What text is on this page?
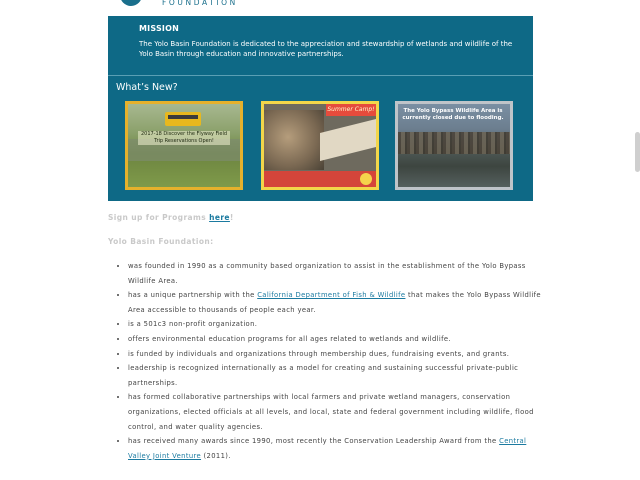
FOUNDATION
MISSION
The Yolo Basin Foundation is dedicated to the appreciation and stewardship of wetlands and wildlife of the Yolo Basin through education and innovative partnerships.
What’s New?
2017-18 Discover the Flyway Field Trip Reservations Open!
Summer Camp!	The Yolo Bypass Wildlife Area is currently closed due to flooding.
Sign up for Programs here!
Yolo Basin Foundation:
• was founded in 1990 as a community based organization to assist in the establishment of the Yolo Bypass Wildlife Area.
• has a unique partnership with the California Department of Fish & Wildlife that makes the Yolo Bypass Wildlife Area accessible to thousands of people each year.
• is a 501c3 non-profit organization.
• offers environmental education programs for all ages related to wetlands and wildlife.
• is funded by individuals and organizations through membership dues, fundraising events, and grants.
• leadership is recognized internationally as a model for creating and sustaining successful private-public partnerships.
• has formed collaborative partnerships with local farmers and private wetland managers, conservation organizations, elected officials at all levels, and local, state and federal government including wildlife, flood control, and water quality agencies.
• has received many awards since 1990, most recently the Conservation Leadership Award from the Central Valley Joint Venture (2011).
